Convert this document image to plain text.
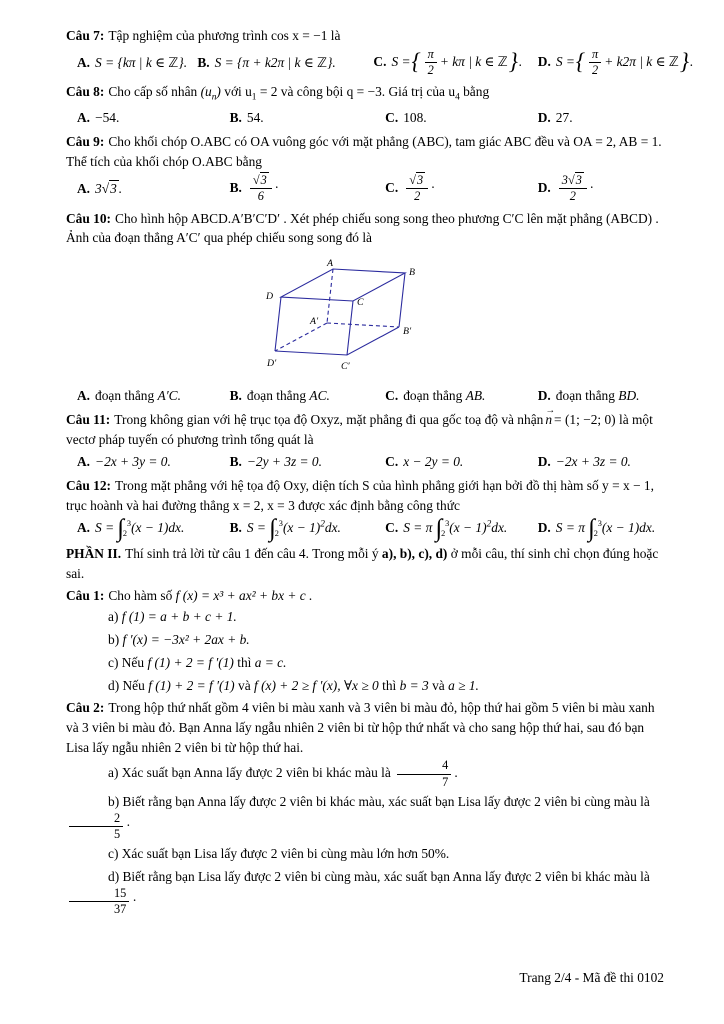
Câu 7: Tập nghiệm của phương trình cos x = −1 là

A. S = {kπ | k ∈ ℤ}. B. S = {π + k2π | k ∈ ℤ}.	C. S ={ $\frac{\pi}{2} + k\pi$ | k ∈ ℤ}.	D. S ={ $\frac{\pi}{2} + k2\pi$ | k ∈ ℤ}.

Câu 8: Cho cấp số nhân $(u_n)$ với $u_1 = 2$ và công bội q = −3. Giá trị của $u_4$ bằng

A. −54.	B. 54.	C. 108.	D. 27.

Câu 9: Cho khối chóp O.ABC có OA vuông góc với mặt phẳng (ABC), tam giác ABC đều và OA = 2, AB = 1. Thể tích của khối chóp O.ABC bằng

A. 3√3 .	B. $\frac{√3}{6}$ ·	C. $\frac{√3}{2}$ ·	D. $\frac{3√3}{2}$ ·

Câu 10: Cho hình hộp ABCD.A′B′C′D′ . Xét phép chiếu song song theo phương C′C lên mặt phẳng (ABCD) . Ảnh của đoạn thẳng A′C′ qua phép chiếu song song đó là

A
B
C
D
A′
B′
C′
D′
A. đoạn thẳng A′C.	B. đoạn thẳng AC.	C. đoạn thẳng AB.	D. đoạn thẳng BD.

Câu 11: Trong không gian với hệ trục tọa độ Oxyz, mặt phẳng đi qua gốc toạ độ và nhận
→
n = (1; −2; 0) là một vectơ pháp tuyến có phương trình tổng quát là

A. −2x + 3y = 0.	B. −2y + 3z = 0.	C. x − 2y = 0.	D. −2x + 3z = 0.

Câu 12: Trong mặt phẳng với hệ tọa độ Oxy, diện tích S của hình phẳng giới hạn bởi đồ thị hàm số y = x − 1, trục hoành và hai đường thẳng x = 2, x = 3 được xác định bằng công thức

A. S = ∫ 3
2 (x − 1)dx.	B. S = ∫ 3
2 $(x - 1)^2dx$.	C. S = π ∫ 3
2 $(x - 1)^2dx$.	D. S = π ∫ 3
2 (x − 1)dx.

PHẦN II. Thí sinh trả lời từ câu 1 đến câu 4. Trong mỗi ý a), b), c), d) ở mỗi câu, thí sinh chỉ chọn đúng hoặc sai.

Câu 1: Cho hàm số f (x) = x³ + ax² + bx + c .

a) f (1) = a + b + c + 1.

b) f ′(x) = −3x² + 2ax + b.

c) Nếu f (1) + 2 = f ′(1) thì a = c.

d) Nếu f (1) + 2 = f ′(1) và f (x) + 2 ≥ f ′(x), ∀x ≥ 0 thì b = 3 và a ≥ 1.

Câu 2: Trong hộp thứ nhất gồm 4 viên bi màu xanh và 3 viên bi màu đỏ, hộp thứ hai gồm 5 viên bi màu xanh và 3 viên bi màu đỏ. Bạn Anna lấy ngẫu nhiên 2 viên bi từ hộp thứ nhất và cho sang hộp thứ hai, sau đó bạn Lisa lấy ngẫu nhiên 2 viên bi từ hộp thứ hai.

a) Xác suất bạn Anna lấy được 2 viên bi khác màu là $\frac{4}{7}$ .

b) Biết rằng bạn Anna lấy được 2 viên bi khác màu, xác suất bạn Lisa lấy được 2 viên bi cùng màu là
$\frac{2}{5}$ ·

c) Xác suất bạn Lisa lấy được 2 viên bi cùng màu lớn hơn 50%.

d) Biết rằng bạn Lisa lấy được 2 viên bi cùng màu, xác suất bạn Anna lấy được 2 viên bi khác màu là
$\frac{15}{37}$ ·

Trang 2/4 - Mã đề thi 0102
